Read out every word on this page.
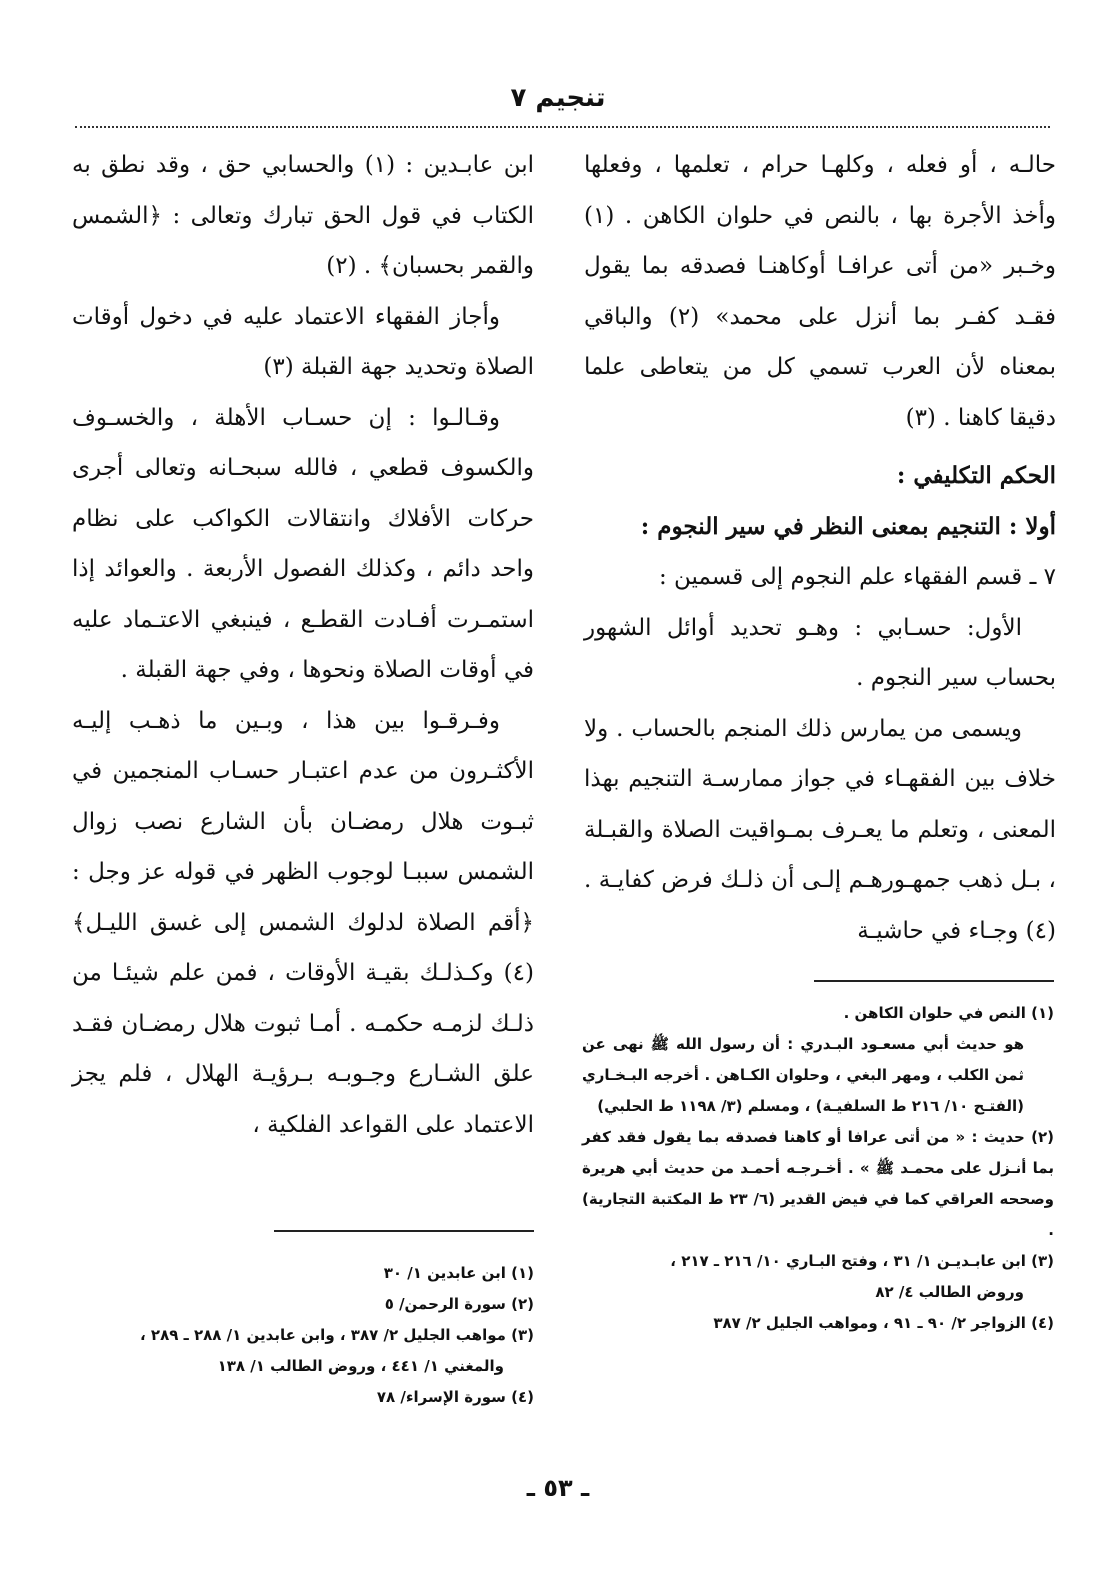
تنجيم ٧

حالـه ، أو فعله ، وكلهـا حرام ، تعلمها ، وفعلها وأخذ الأجرة بها ، بالنص في حلوان الكاهن . (١) وخـبر «من أتى عرافـا أوكاهنـا فصدقه بما يقول فقـد كفـر بما أنزل على محمد» (٢) والباقي بمعناه لأن العرب تسمي كل من يتعاطى علما دقيقا كاهنا . (٣)

الحكم التكليفي :

أولا : التنجيم بمعنى النظر في سير النجوم :

٧ ـ قسم الفقهاء علم النجوم إلى قسمين :

الأول: حسـابي : وهـو تحديد أوائل الشهور بحساب سير النجوم .

ويسمى من يمارس ذلك المنجم بالحساب . ولا خلاف بين الفقهـاء في جواز ممارسـة التنجيم بهذا المعنى ، وتعلم ما يعـرف بمـواقيت الصلاة والقبـلة ، بـل ذهب جمهـورهـم إلـى أن ذلـك فرض كفايـة . (٤) وجـاء في حاشيـة

ابن عابـدين : (١) والحسابي حق ، وقد نطق به الكتاب في قول الحق تبارك وتعالى : ﴿الشمس والقمر بحسبان﴾ . (٢)

وأجاز الفقهاء الاعتماد عليه في دخول أوقات الصلاة وتحديد جهة القبلة (٣)

وقـالـوا : إن حسـاب الأهلة ، والخسـوف والكسوف قطعي ، فالله سبحـانه وتعالى أجرى حركات الأفلاك وانتقالات الكواكب على نظام واحد دائم ، وكذلك الفصول الأربعة . والعوائد إذا استمـرت أفـادت القطـع ، فينبغي الاعتـماد عليه في أوقات الصلاة ونحوها ، وفي جهة القبلة .

وفـرقـوا بين هذا ، وبـين ما ذهـب إليـه الأكثـرون من عدم اعتبـار حسـاب المنجمين في ثبـوت هلال رمضـان بأن الشارع نصب زوال الشمس سببـا لوجوب الظهر في قوله عز وجل : ﴿أقم الصلاة لدلوك الشمس إلى غسق الليـل﴾ (٤) وكـذلـك بقيـة الأوقات ، فمن علم شيئـا من ذلـك لزمـه حكمـه . أمـا ثبوت هلال رمضـان فقـد علق الشـارع وجـوبـه بـرؤيـة الهلال ، فلم يجز الاعتماد على القواعد الفلكية ،

(١) النص في حلوان الكاهن .

هو حديث أبي مسعـود البـدري : أن رسول الله ﷺ نهى عن ثمن الكلب ، ومهر البغي ، وحلوان الكـاهن . أخرجه البـخـاري (الفتـح ١٠/ ٢١٦ ط السلفيـة) ، ومسلم (٣/ ١١٩٨ ط الحلبي)

(٢) حديث : « من أتى عرافا أو كاهنا فصدقه بما يقول فقد كفر بما أنـزل على محمـد ﷺ » . أخـرجـه أحمـد من حديث أبي هريرة وصححه العراقي كما في فيض القدير (٦/ ٢٣ ط المكتبة التجارية) .

(٣) ابن عابـديـن ١/ ٣١ ، وفتح البـاري ١٠/ ٢١٦ ـ ٢١٧ ،

وروض الطالب ٤/ ٨٢

(٤) الزواجر ٢/ ٩٠ ـ ٩١ ، ومواهب الجليل ٢/ ٣٨٧

(١) ابن عابدين ١/ ٣٠

(٢) سورة الرحمن/ ٥

(٣) مواهب الجليل ٢/ ٣٨٧ ، وابن عابدين ١/ ٢٨٨ ـ ٢٨٩ ،

والمغني ١/ ٤٤١ ، وروض الطالب ١/ ١٣٨

(٤) سورة الإسراء/ ٧٨

ـ ٥٣ ـ
